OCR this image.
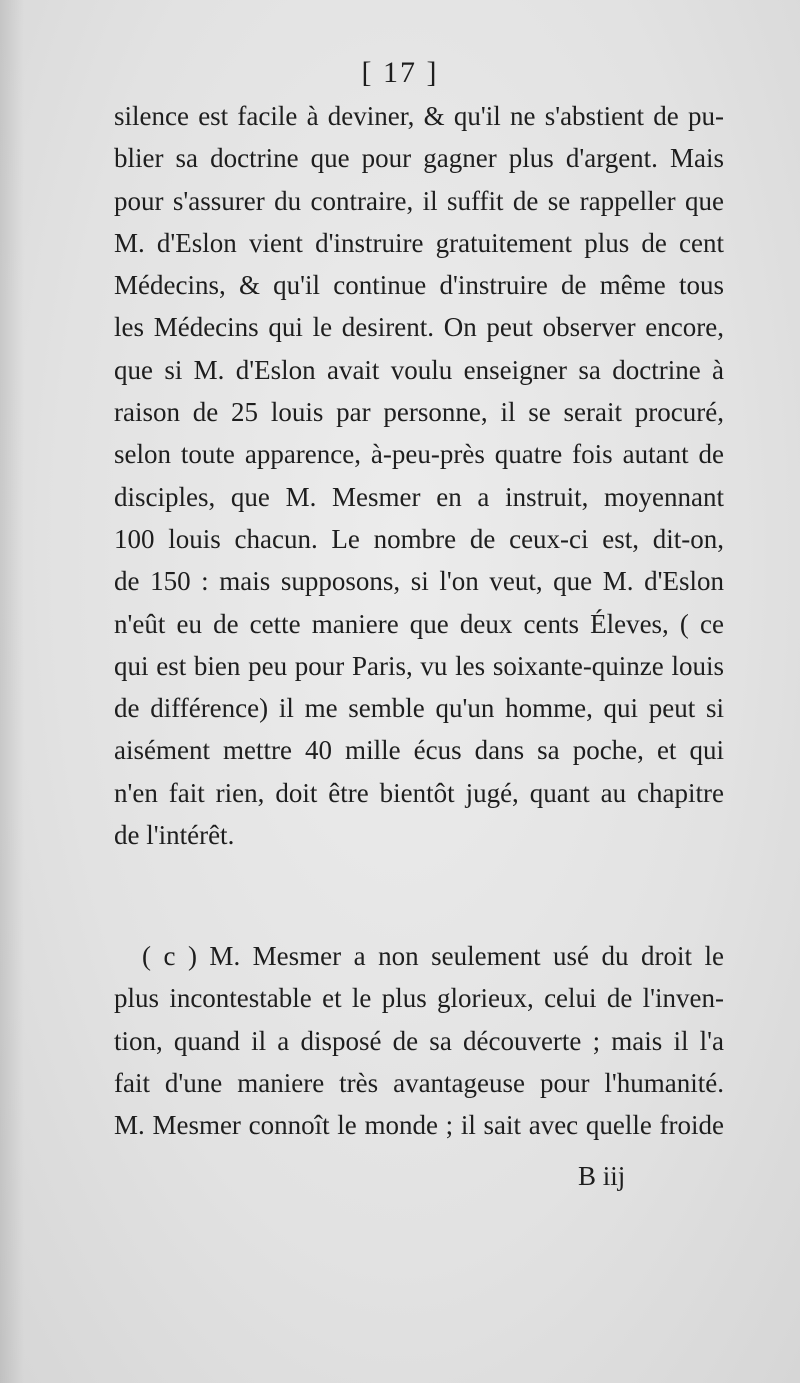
[ 17 ]
silence est facile à deviner, & qu'il ne s'abstient de pu-
blier sa doctrine que pour gagner plus d'argent. Mais
pour s'assurer du contraire, il suffit de se rappeller que
M. d'Eslon vient d'instruire gratuitement plus de cent
Médecins, & qu'il continue d'instruire de même tous
les Médecins qui le desirent. On peut observer encore,
que si M. d'Eslon avait voulu enseigner sa doctrine à
raison de 25 louis par personne, il se serait procuré,
selon toute apparence, à-peu-près quatre fois autant de
disciples, que M. Mesmer en a instruit, moyennant
100 louis chacun. Le nombre de ceux-ci est, dit-on,
de 150 : mais supposons, si l'on veut, que M. d'Eslon
n'eût eu de cette maniere que deux cents Éleves, ( ce
qui est bien peu pour Paris, vu les soixante-quinze louis
de différence) il me semble qu'un homme, qui peut si
aisément mettre 40 mille écus dans sa poche, et qui
n'en fait rien, doit être bientôt jugé, quant au chapitre
de l'intérêt.
( c ) M. Mesmer a non seulement usé du droit le
plus incontestable et le plus glorieux, celui de l'inven-
tion, quand il a disposé de sa découverte ; mais il l'a
fait d'une maniere très avantageuse pour l'humanité.
M. Mesmer connoît le monde ; il sait avec quelle froide
B iij
